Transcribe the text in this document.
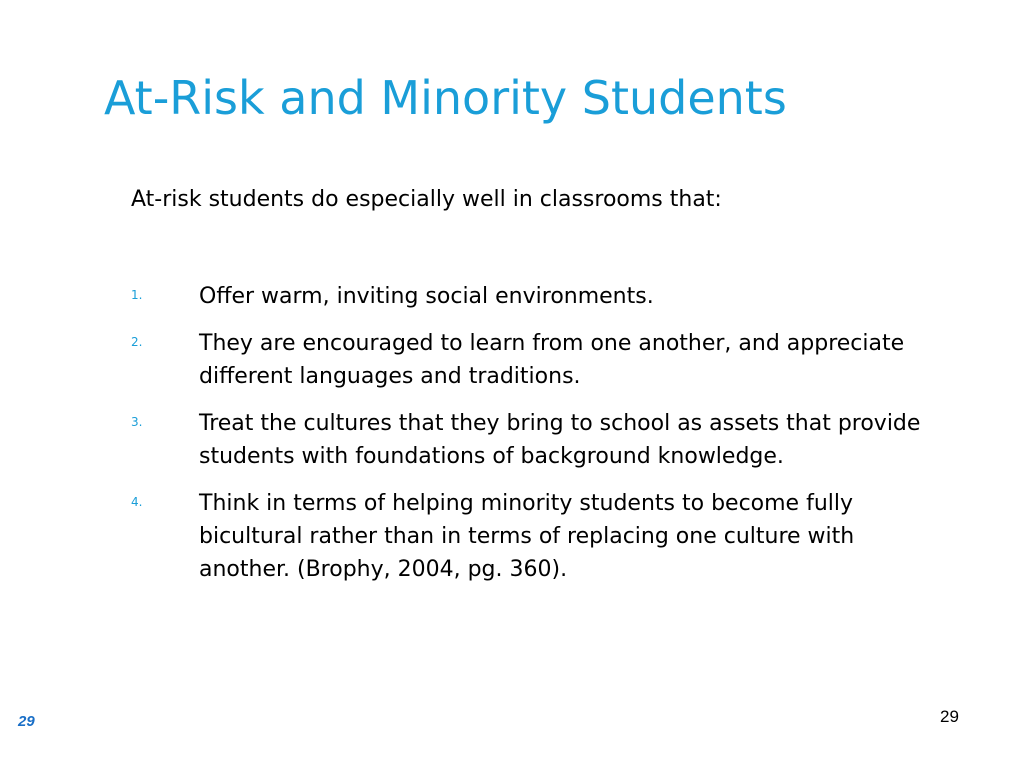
At-Risk and Minority Students

At-risk students do especially well in classrooms that:

1.	Offer warm, inviting social environments.
2.	They are encouraged to learn from one another, and appreciate different languages and traditions.
3.	Treat the cultures that they bring to school as assets that provide students with foundations of background knowledge.
4.	Think in terms of helping minority students to become fully bicultural rather than in terms of replacing one culture with another. (Brophy, 2004, pg. 360).
29	29
